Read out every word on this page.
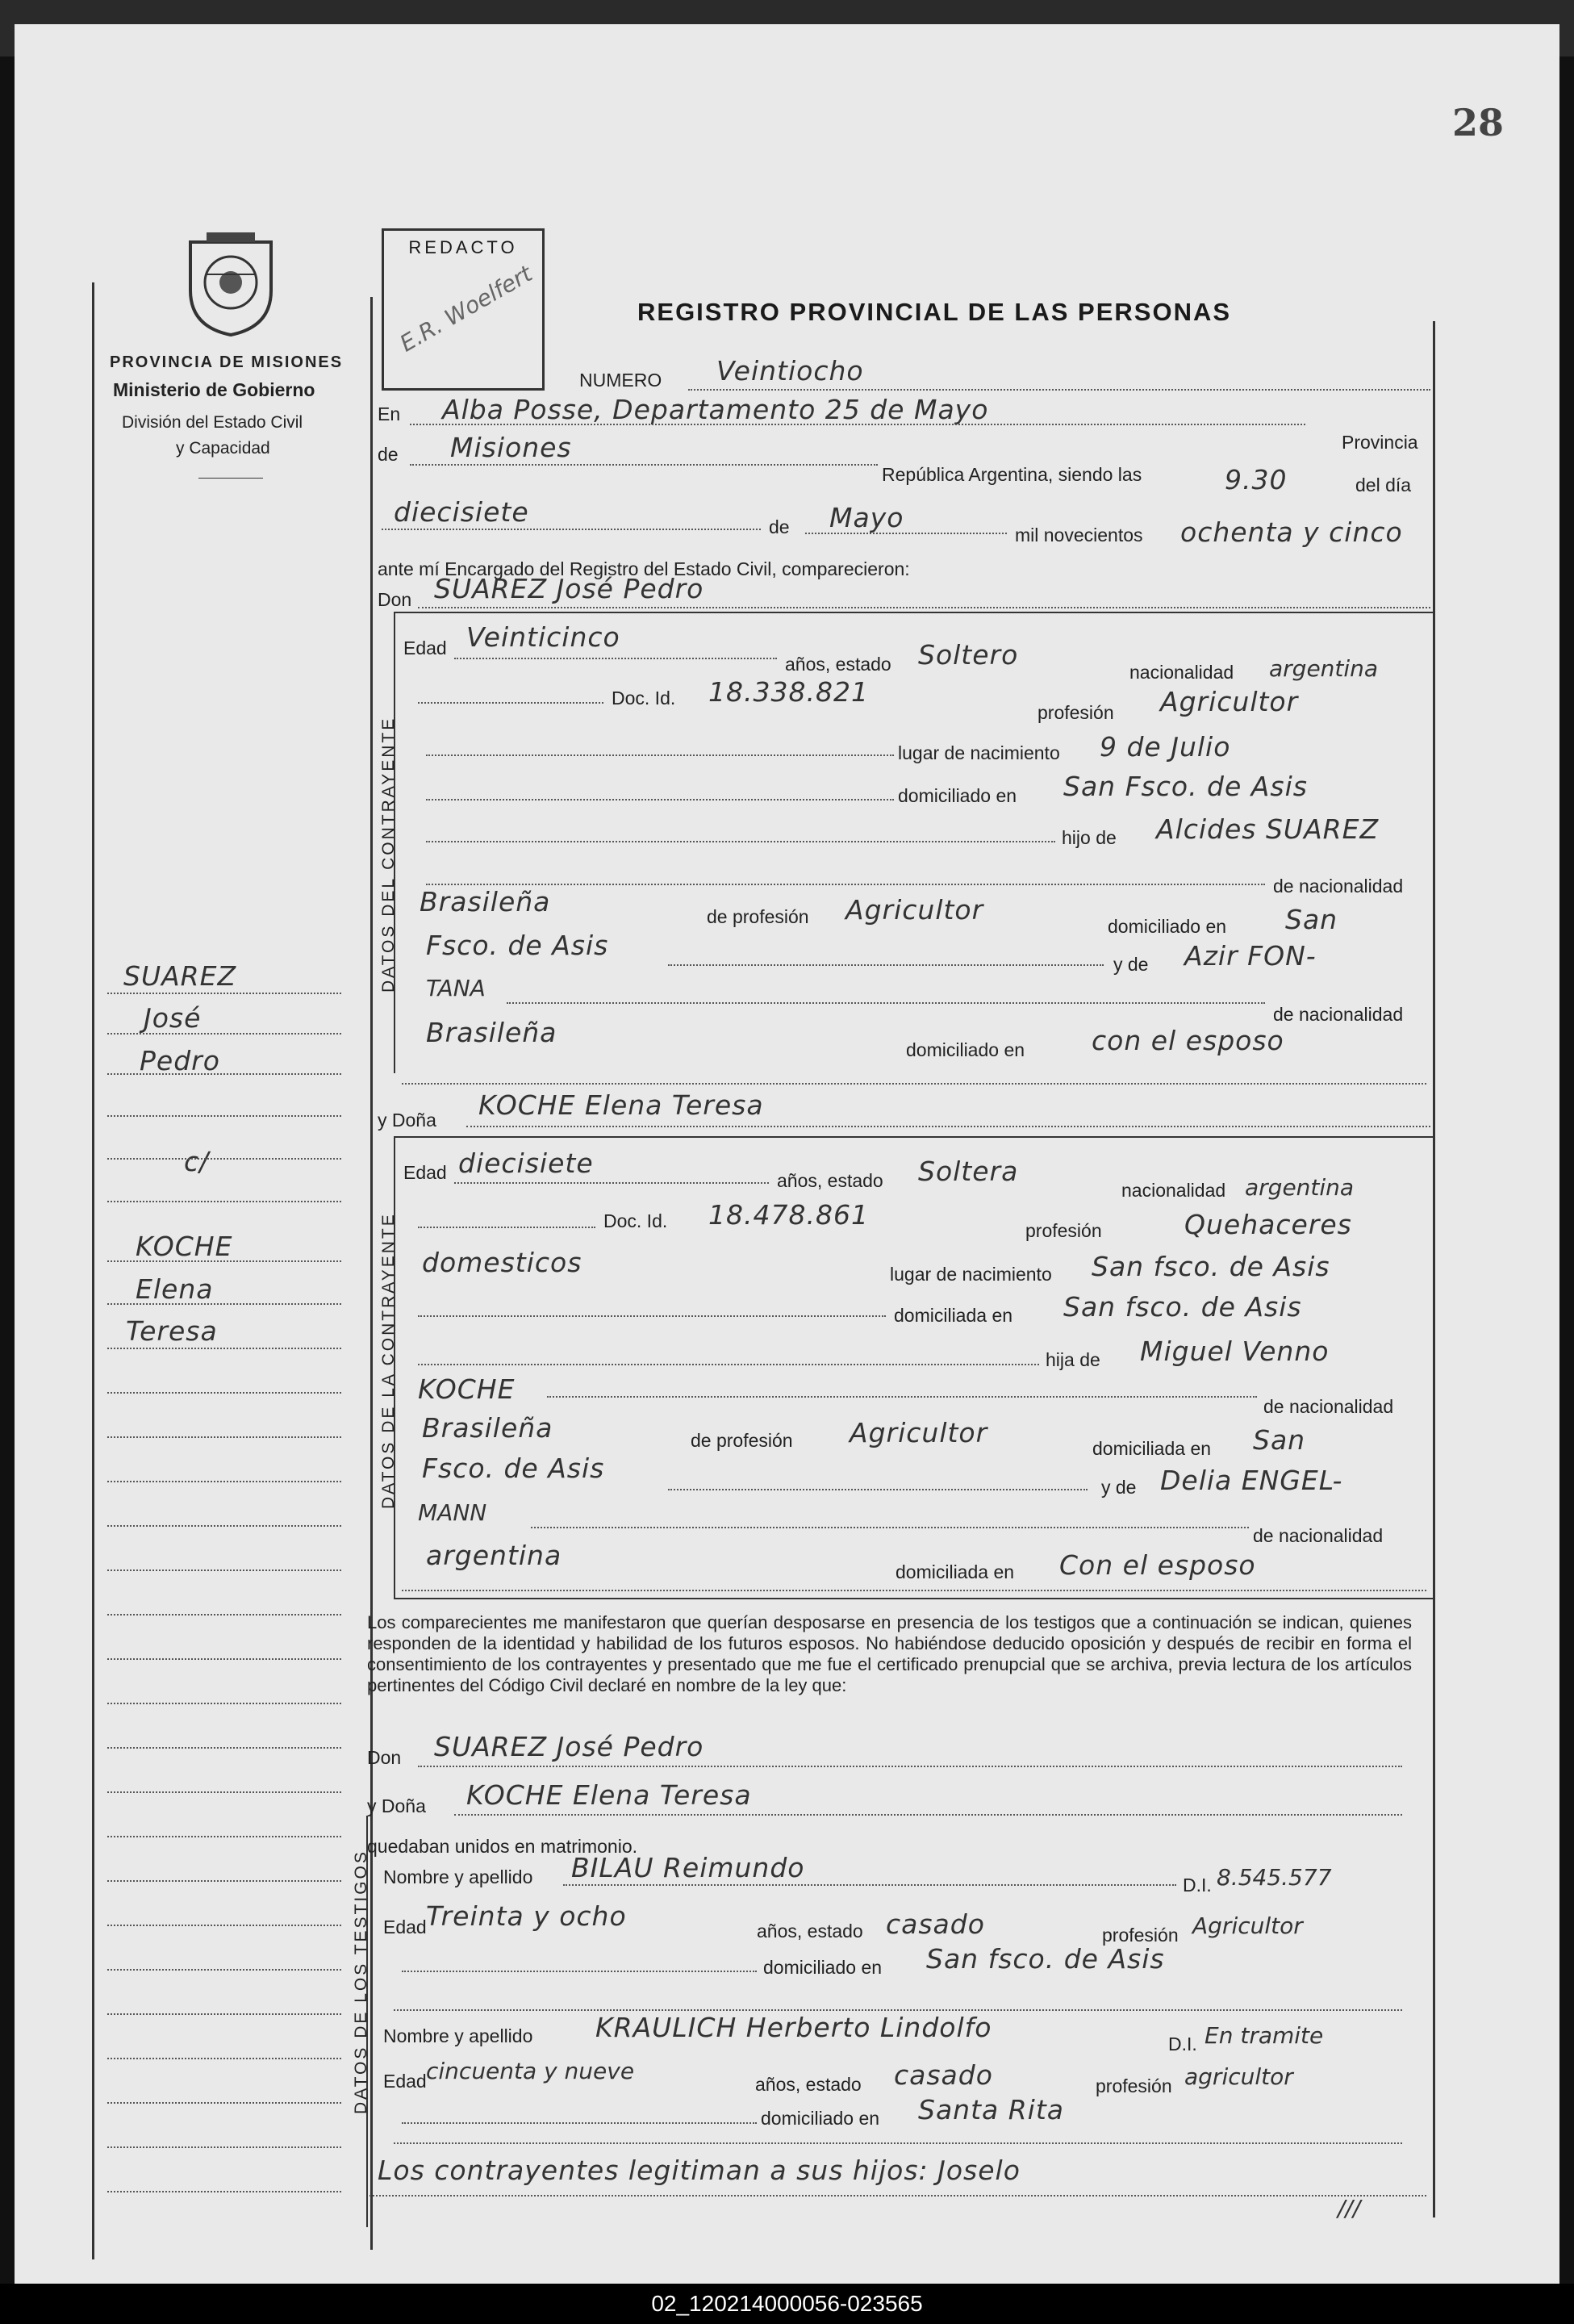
28
PROVINCIA DE MISIONES
Ministerio de Gobierno
División del Estado Civil
y Capacidad
REDACTO
E.R. Woelfert	REGISTRO PROVINCIAL DE LAS PERSONAS
DATOS DEL CONTRAYENTE
DATOS DE LA CONTRAYENTE
DATOS DE LOS TESTIGOS
NUMERO Veintiocho
En Alba Posse, Departamento 25 de Mayo
Provincia
de Misiones
República Argentina, siendo las	9.30	del día
diecisiete	de Mayo
mil novecientos ochenta y cinco
ante mí Encargado del Registro del Estado Civil, comparecieron:
Don SUAREZ José Pedro
Edad Veinticinco
años, estado Soltero
nacionalidad argentina
Doc. Id. 18.338.821
profesión Agricultor
lugar de nacimiento 9 de Julio
domiciliado en San Fsco. de Asis
hijo de Alcides SUAREZ
de nacionalidad
Brasileña	de profesión Agricultor
domiciliado en San
Fsco. de Asis
y de Azir FON-
TANA
de nacionalidad
Brasileña
domiciliado en	con el esposo
y Doña KOCHE Elena Teresa
Edad diecisiete
años, estado Soltera
nacionalidad argentina
Doc. Id. 18.478.861	profesión	Quehaceres
domesticos	lugar de nacimiento San fsco. de Asis
domiciliada en San fsco. de Asis
hija de Miguel Venno
KOCHE
de nacionalidad
Brasileña	de profesión Agricultor	domiciliada en San
Fsco. de Asis
y de Delia ENGEL-
MANN
de nacionalidad
argentina
domiciliada en Con el esposo
Los comparecientes me manifestaron que querían desposarse en presencia de los testigos que a continuación se indican, quienes responden de la identidad y habilidad de los futuros esposos. No habiéndose deducido oposición y después de recibir en forma el consentimiento de los contrayentes y presentado que me fue el certificado prenupcial que se archiva, previa lectura de los artículos pertinentes del Código Civil declaré en nombre de la ley que:
Don SUAREZ José Pedro
y Doña KOCHE Elena Teresa
quedaban unidos en matrimonio.
Nombre y apellido BILAU Reimundo
D.I. 8.545.577
Edad Treinta y ocho	años, estado casado	profesión Agricultor
domiciliado en San fsco. de Asis
Nombre y apellido KRAULICH Herberto Lindolfo
D.I. En tramite
Edad cincuenta y nueve	años, estado casado	profesión agricultor
domiciliado en Santa Rita
Los contrayentes legitiman a sus hijos: Joselo
///
SUAREZ
José
Pedro
c/
KOCHE
Elena
Teresa
02_120214000056-023565
